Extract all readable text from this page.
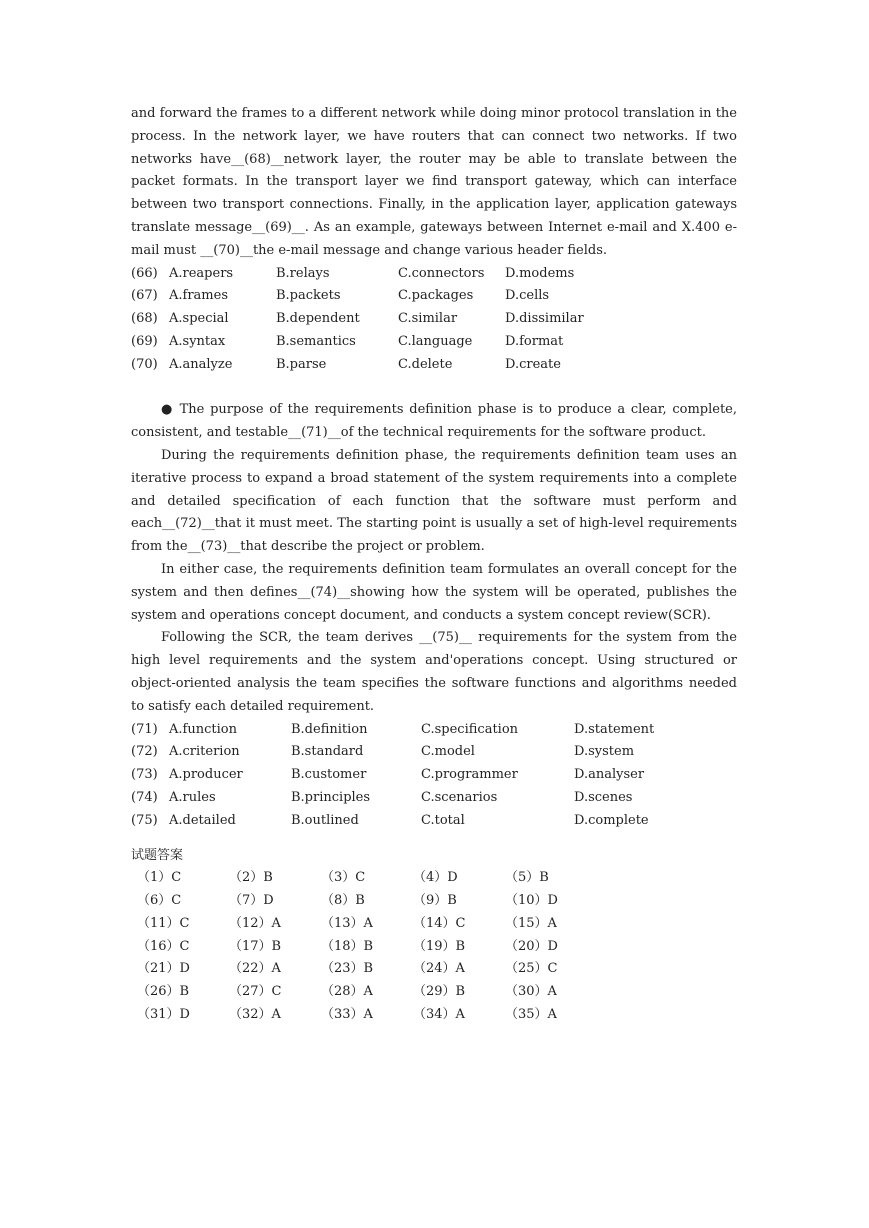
and forward the frames to a different network while doing minor protocol translation in the process. In the network layer, we have routers that can connect two networks. If two networks have__(68)__network layer, the router may be able to translate between the packet formats. In the transport layer we find transport gateway, which can interface between two transport connections. Finally, in the application layer, application gateways translate message__(69)__. As an example, gateways between Internet e-mail and X.400 e-mail must __(70)__the e-mail message and change various header fields.

(66) A.reapers	B.relays	C.connectors	D.modems
(67) A.frames	B.packets	C.packages	D.cells
(68) A.special	B.dependent	C.similar	D.dissimilar
(69) A.syntax	B.semantics	C.language	D.format
(70) A.analyze	B.parse	C.delete	D.create

● The purpose of the requirements definition phase is to produce a clear, complete, consistent, and testable__(71)__of the technical requirements for the software product.

During the requirements definition phase, the requirements definition team uses an iterative process to expand a broad statement of the system requirements into a complete and detailed specification of each function that the software must perform and each__(72)__that it must meet. The starting point is usually a set of high-level requirements from the__(73)__that describe the project or problem.

In either case, the requirements definition team formulates an overall concept for the system and then defines__(74)__showing how the system will be operated, publishes the system and operations concept document, and conducts a system concept review(SCR).

Following the SCR, the team derives __(75)__ requirements for the system from the high level requirements and the system and'operations concept. Using structured or object-oriented analysis the team specifies the software functions and algorithms needed to satisfy each detailed requirement.

(71) A.function	B.definition	C.specification	D.statement
(72) A.criterion	B.standard	C.model	D.system
(73) A.producer	B.customer	C.programmer	D.analyser
(74) A.rules	B.principles	C.scenarios	D.scenes
(75) A.detailed	B.outlined	C.total	D.complete
试题答案
（1）C	（2）B	（3）C	（4）D	（5）B
（6）C	（7）D	（8）B	（9）B	（10）D
（11）C	（12）A	（13）A	（14）C	（15）A
（16）C	（17）B	（18）B	（19）B	（20）D
（21）D	（22）A	（23）B	（24）A	（25）C
（26）B	（27）C	（28）A	（29）B	（30）A
（31）D	（32）A	（33）A	（34）A	（35）A
